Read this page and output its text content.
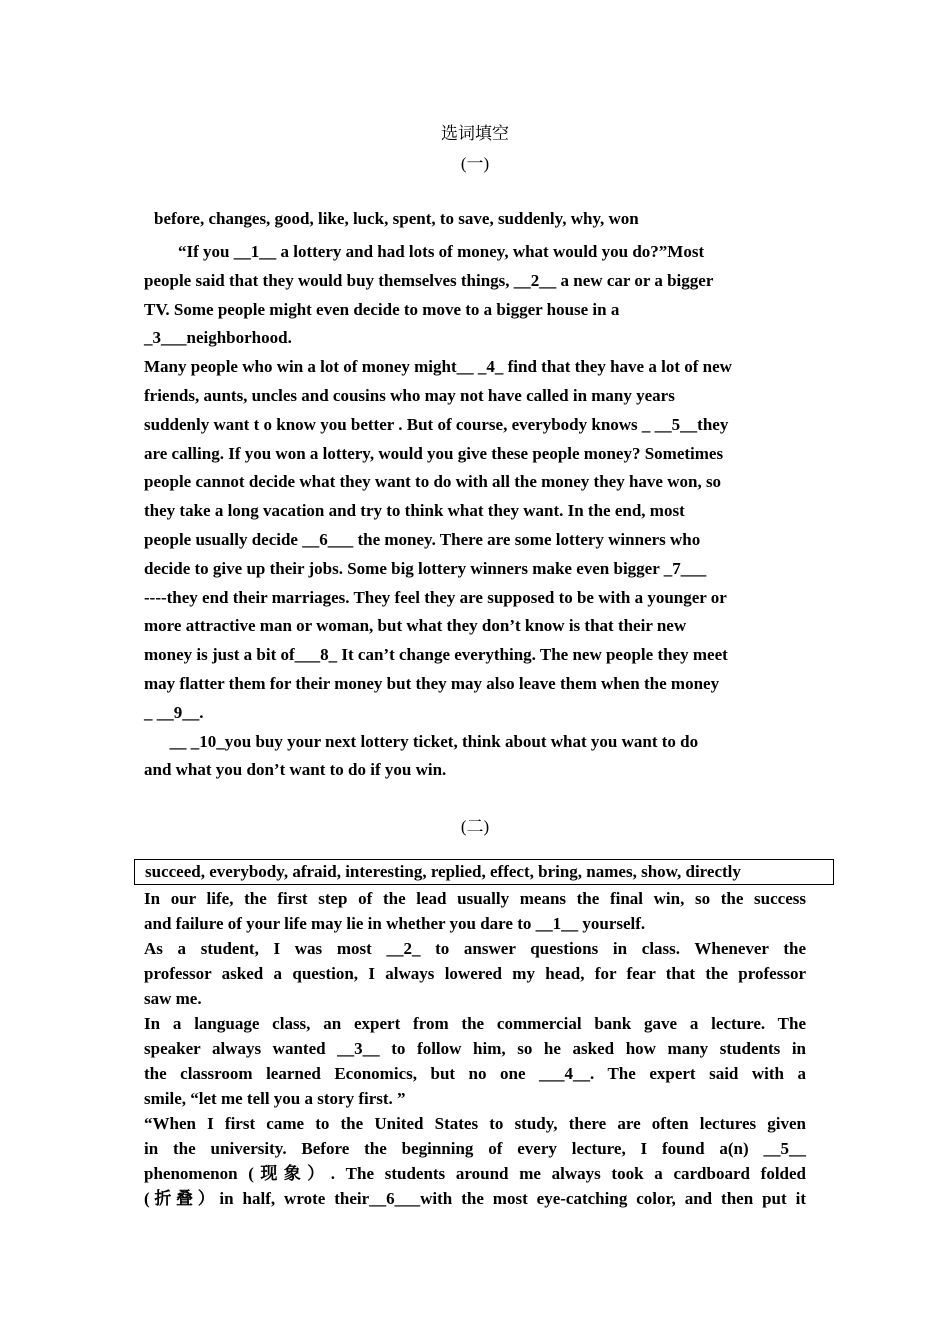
选词填空
(一)
before, changes, good, like, luck, spent, to save, suddenly, why, won
“If you __1__ a lottery and had lots of money, what would you do?”Most
people said that they would buy themselves things, __2__ a new car or a bigger
TV. Some people might even decide to move to a bigger house in a
_3___neighborhood.
Many people who win a lot of money might__ _4_ find that they have a lot of new
friends, aunts, uncles and cousins who may not have called in many years
suddenly want t o know you better . But of course, everybody knows _ __5__they
are calling. If you won a lottery, would you give these people money? Sometimes
people cannot decide what they want to do with all the money they have won, so
they take a long vacation and try to think what they want. In the end, most
people usually decide __6___ the money. There are some lottery winners who
decide to give up their jobs. Some big lottery winners make even bigger _7___
----they end their marriages. They feel they are supposed to be with a younger or
more attractive man or woman, but what they don’t know is that their new
money is just a bit of___8_ It can’t change everything. The new people they meet
may flatter them for their money but they may also leave them when the money
_ __9__.
__ _10_you buy your next lottery ticket, think about what you want to do
and what you don’t want to do if you win.
(二)
succeed, everybody, afraid, interesting, replied, effect, bring, names, show, directly
In our life, the first step of the lead usually means the final win, so the success
and failure of your life may lie in whether you dare to __1__ yourself.
As a student, I was most __2_ to answer questions in class. Whenever the
professor asked a question, I always lowered my head, for fear that the professor
saw me.
In a language class, an expert from the commercial bank gave a lecture. The
speaker always wanted __3__ to follow him, so he asked how many students in
the classroom learned Economics, but no one ___4__. The expert said with a
smile, “let me tell you a story first. ”
“When I first came to the United States to study, there are often lectures given
in the university. Before the beginning of every lecture, I found a(n) __5__
phenomenon (现象）. The students around me always took a cardboard folded
(折叠）in half, wrote their__6___with the most eye-catching color, and then put it
